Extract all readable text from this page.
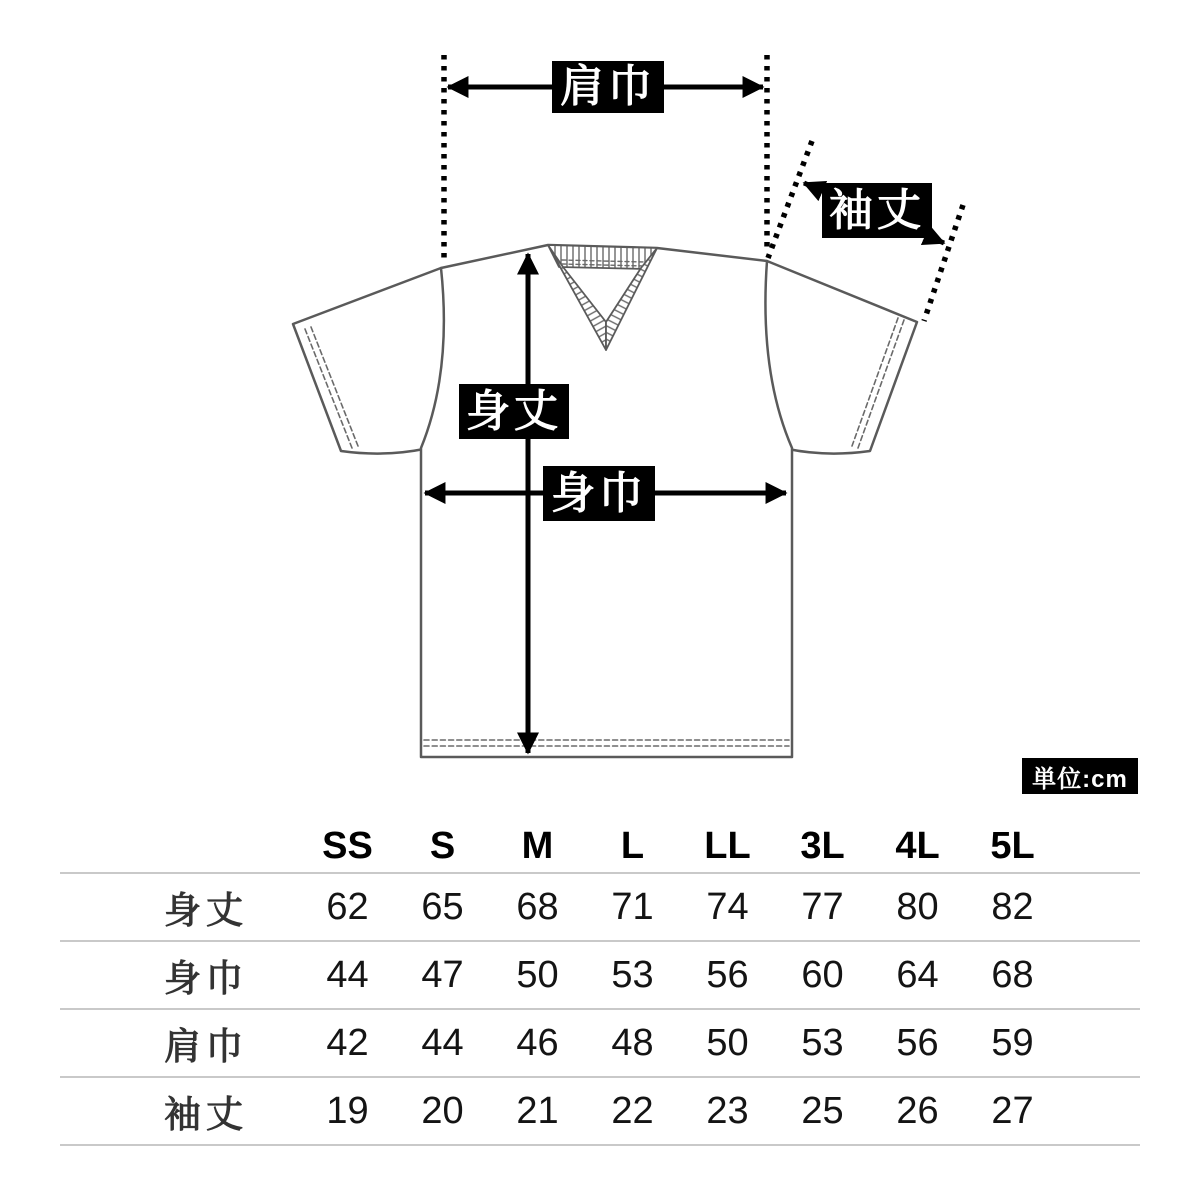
肩巾
袖丈
身丈
身巾
単位:cm
SS	S	M	L	LL	3L	4L	5L
身丈	62	65	68	71	74	77	80	82
身巾	44	47	50	53	56	60	64	68
肩巾	42	44	46	48	50	53	56	59
袖丈	19	20	21	22	23	25	26	27
